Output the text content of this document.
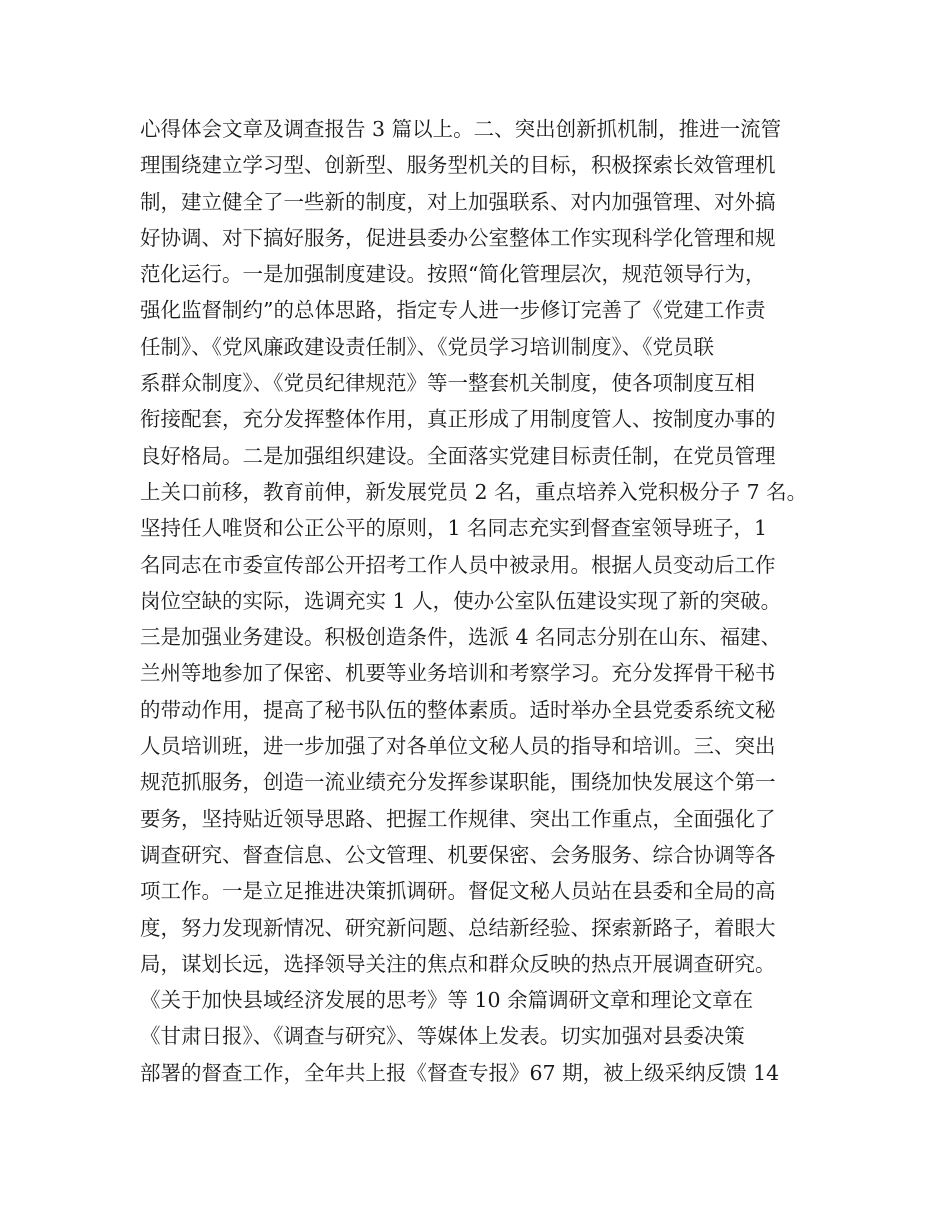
心得体会文章及调查报告 3 篇以上。二、突出创新抓机制，推进一流管
理围绕建立学习型、创新型、服务型机关的目标，积极探索长效管理机
制，建立健全了一些新的制度，对上加强联系、对内加强管理、对外搞
好协调、对下搞好服务，促进县委办公室整体工作实现科学化管理和规
范化运行。一是加强制度建设。按照“简化管理层次，规范领导行为，
强化监督制约”的总体思路，指定专人进一步修订完善了《党建工作责
任制》、《党风廉政建设责任制》、《党员学习培训制度》、《党员联
系群众制度》、《党员纪律规范》等一整套机关制度，使各项制度互相
衔接配套，充分发挥整体作用，真正形成了用制度管人、按制度办事的
良好格局。二是加强组织建设。全面落实党建目标责任制，在党员管理
上关口前移，教育前伸，新发展党员 2 名，重点培养入党积极分子 7 名。
坚持任人唯贤和公正公平的原则，1 名同志充实到督查室领导班子，1
名同志在市委宣传部公开招考工作人员中被录用。根据人员变动后工作
岗位空缺的实际，选调充实 1 人，使办公室队伍建设实现了新的突破。
三是加强业务建设。积极创造条件，选派 4 名同志分别在山东、福建、
兰州等地参加了保密、机要等业务培训和考察学习。充分发挥骨干秘书
的带动作用，提高了秘书队伍的整体素质。适时举办全县党委系统文秘
人员培训班，进一步加强了对各单位文秘人员的指导和培训。三、突出
规范抓服务，创造一流业绩充分发挥参谋职能，围绕加快发展这个第一
要务，坚持贴近领导思路、把握工作规律、突出工作重点，全面强化了
调查研究、督查信息、公文管理、机要保密、会务服务、综合协调等各
项工作。一是立足推进决策抓调研。督促文秘人员站在县委和全局的高
度，努力发现新情况、研究新问题、总结新经验、探索新路子，着眼大
局，谋划长远，选择领导关注的焦点和群众反映的热点开展调查研究。
《关于加快县域经济发展的思考》等 10 余篇调研文章和理论文章在
《甘肃日报》、《调查与研究》、等媒体上发表。切实加强对县委决策
部署的督查工作，全年共上报《督查专报》67 期，被上级采纳反馈 14
